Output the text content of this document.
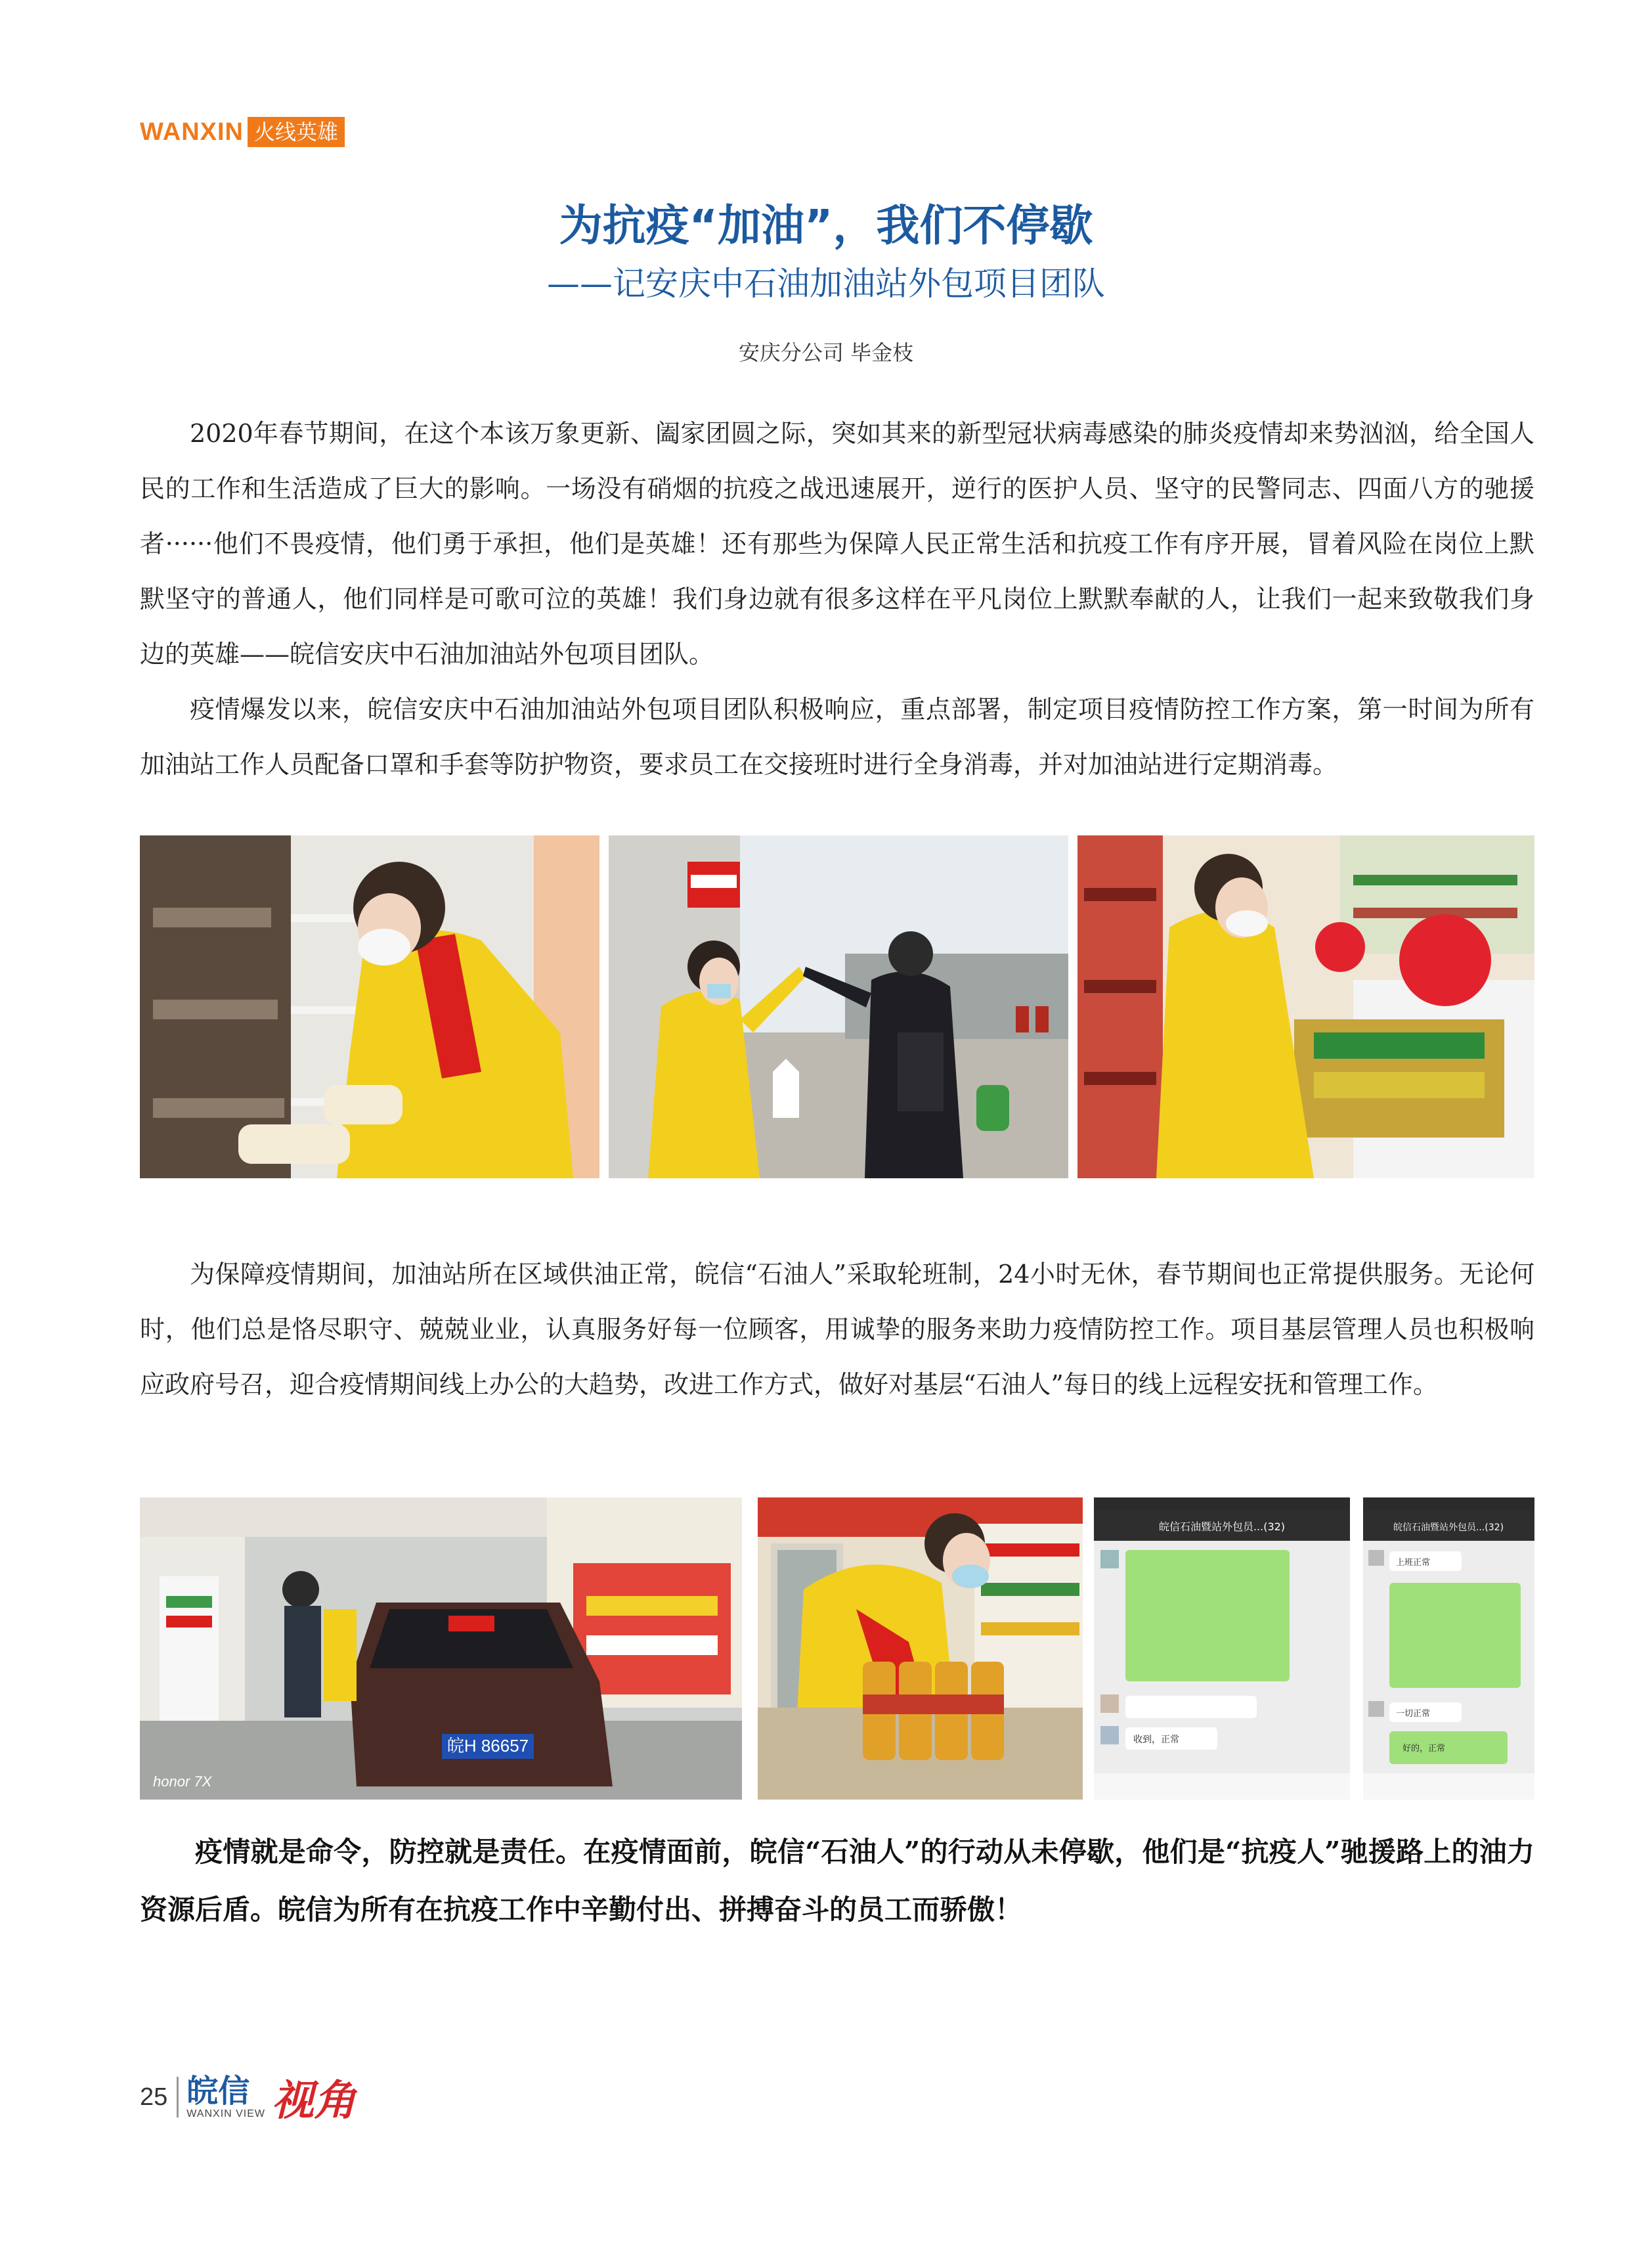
WANXIN 火线英雄
为抗疫“加油”，我们不停歇
——记安庆中石油加油站外包项目团队
安庆分公司 毕金枝

2020年春节期间，在这个本该万象更新、阖家团圆之际，突如其来的新型冠状病毒感染的肺炎疫情却来势汹汹，给全国人民的工作和生活造成了巨大的影响。一场没有硝烟的抗疫之战迅速展开，逆行的医护人员、坚守的民警同志、四面八方的驰援者······他们不畏疫情，他们勇于承担，他们是英雄！还有那些为保障人民正常生活和抗疫工作有序开展，冒着风险在岗位上默默坚守的普通人，他们同样是可歌可泣的英雄！我们身边就有很多这样在平凡岗位上默默奉献的人，让我们一起来致敬我们身边的英雄——皖信安庆中石油加油站外包项目团队。

疫情爆发以来，皖信安庆中石油加油站外包项目团队积极响应，重点部署，制定项目疫情防控工作方案，第一时间为所有加油站工作人员配备口罩和手套等防护物资，要求员工在交接班时进行全身消毒，并对加油站进行定期消毒。

为保障疫情期间，加油站所在区域供油正常，皖信“石油人”采取轮班制，24小时无休，春节期间也正常提供服务。无论何时，他们总是恪尽职守、兢兢业业，认真服务好每一位顾客，用诚挚的服务来助力疫情防控工作。项目基层管理人员也积极响应政府号召，迎合疫情期间线上办公的大趋势，改进工作方式，做好对基层“石油人”每日的线上远程安抚和管理工作。

皖H 86657
honor 7X
皖信石油暨站外包员...(32)
收到，正常
皖信石油暨站外包员...(32)
上班正常
一切正常
好的，正常

疫情就是命令，防控就是责任。在疫情面前，皖信“石油人”的行动从未停歇，他们是“抗疫人”驰援路上的油力资源后盾。皖信为所有在抗疫工作中辛勤付出、拼搏奋斗的员工而骄傲！

25 皖信
WANXIN VIEW 视角
